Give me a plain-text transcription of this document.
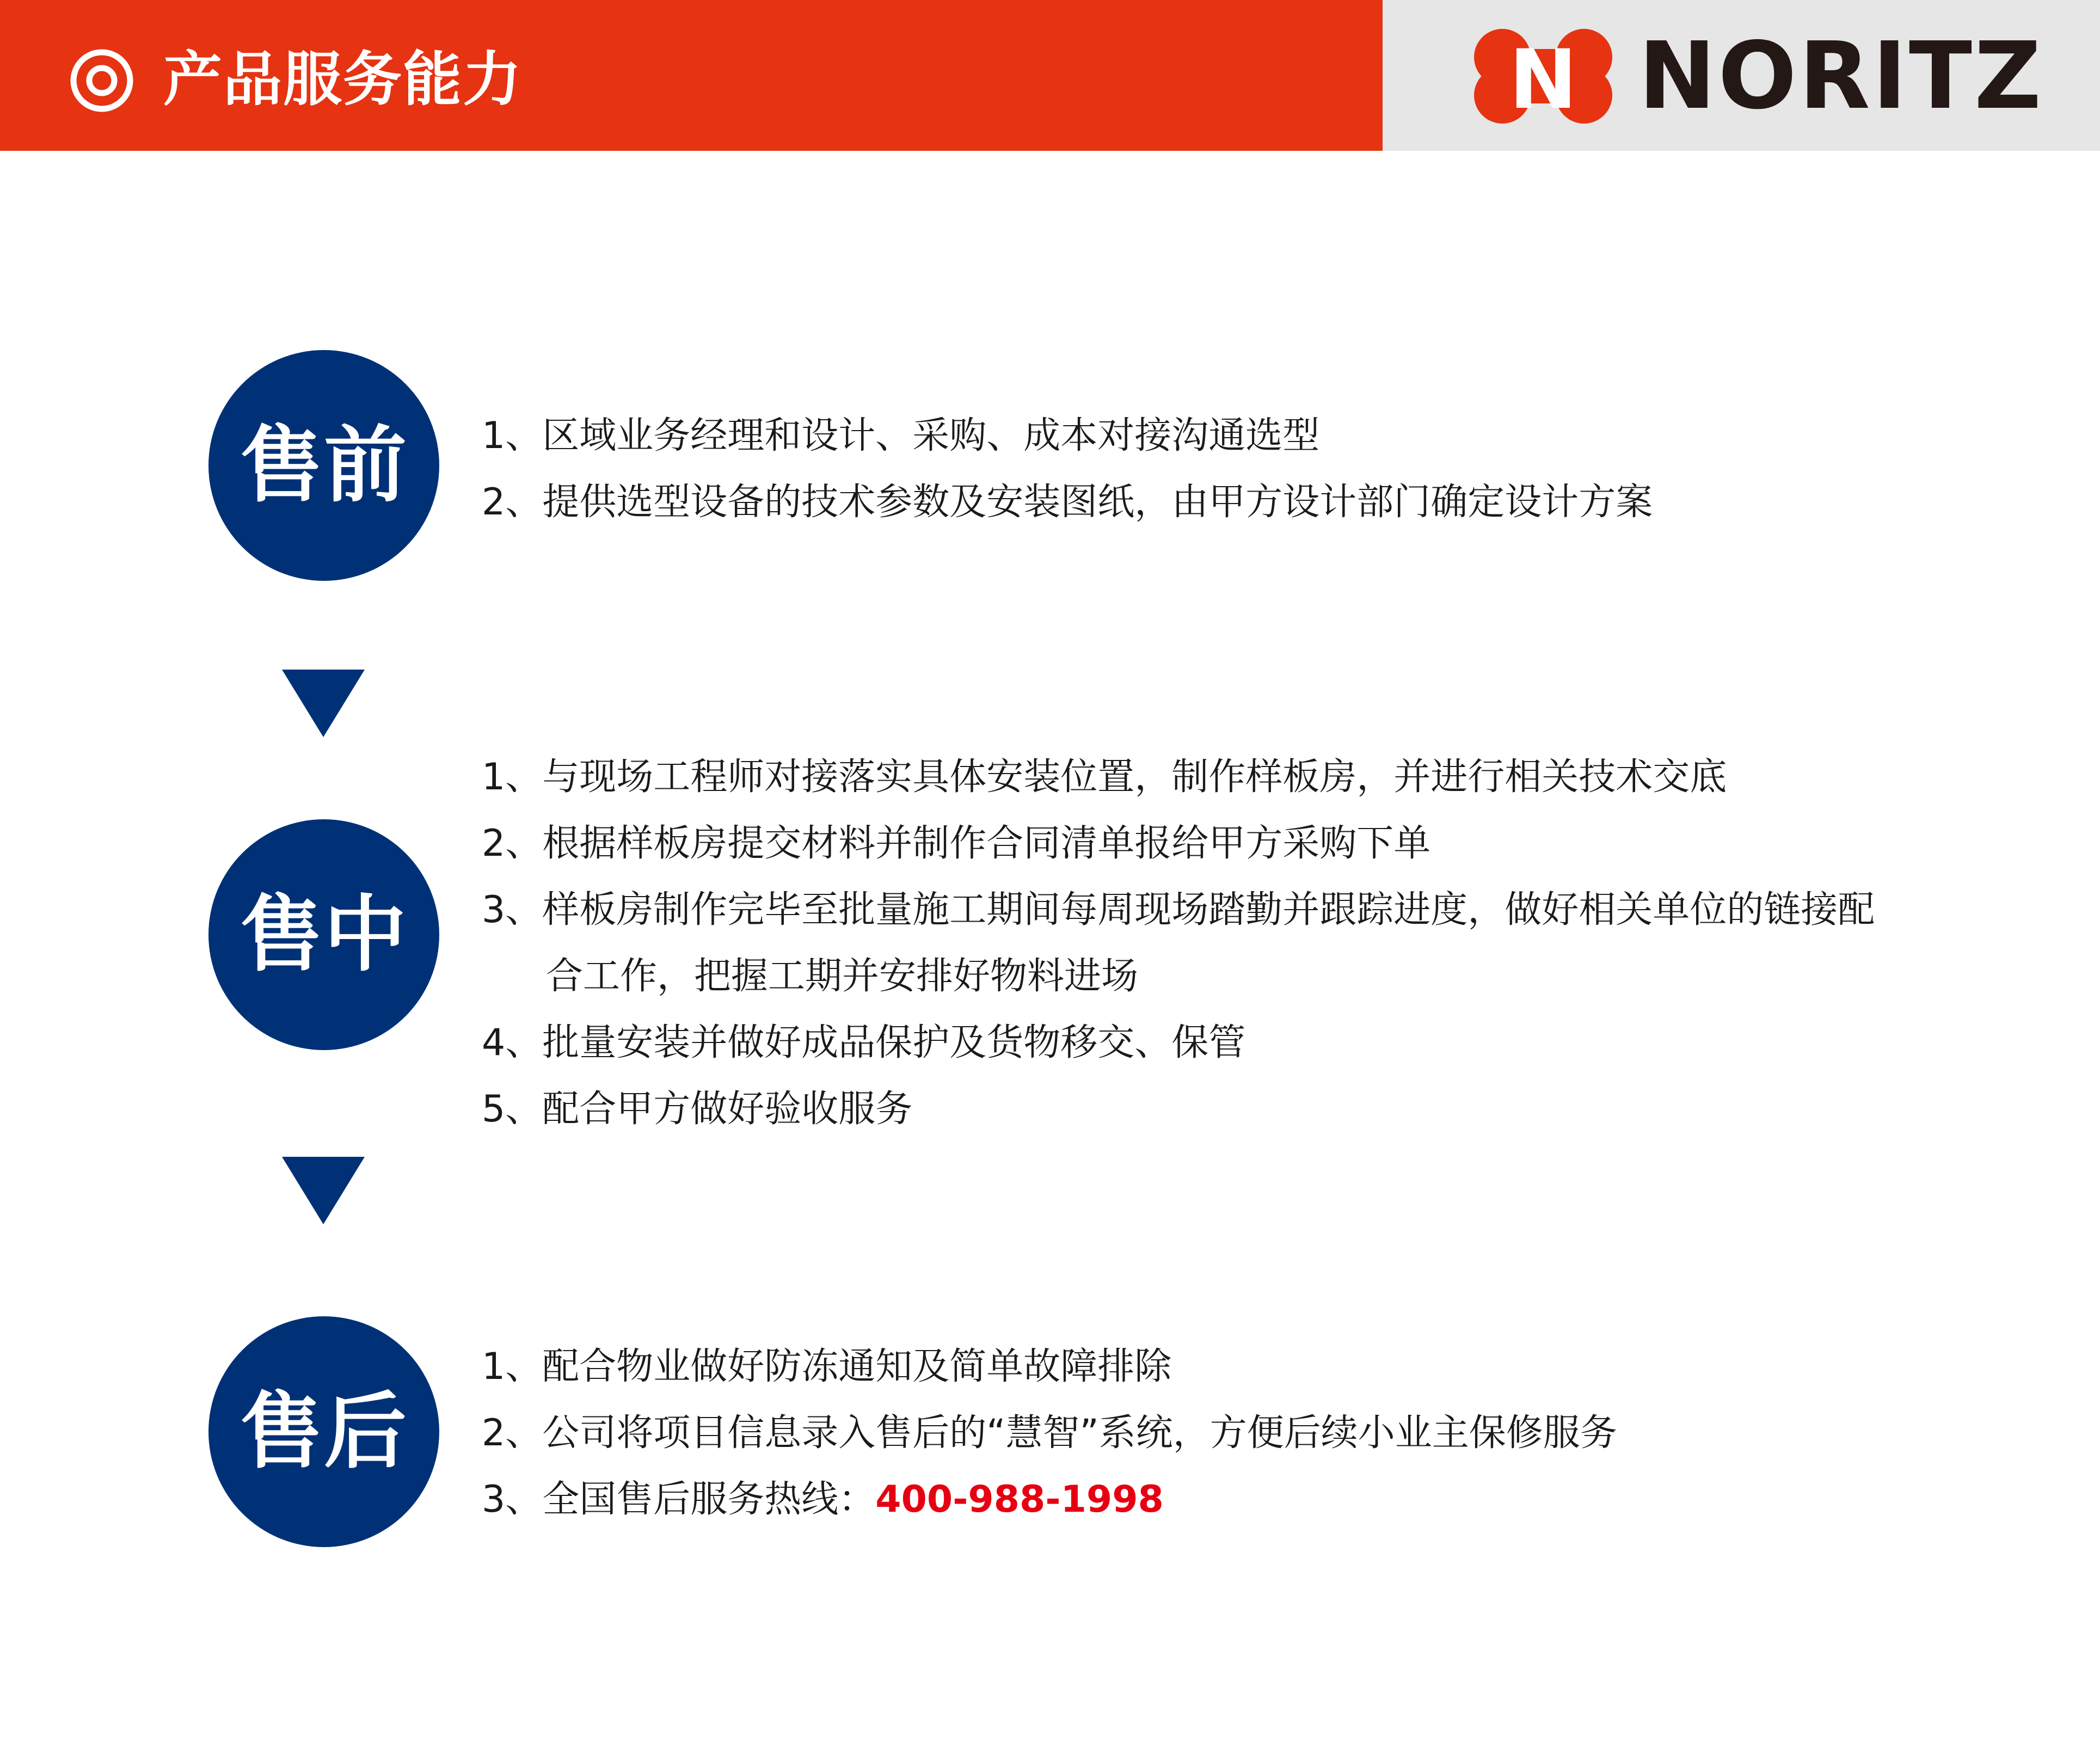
产品服务能力	N NORITZ
售前 1、区域业务经理和设计、采购、成本对接沟通选型
2、提供选型设备的技术参数及安装图纸，由甲方设计部门确定设计方案
售中
1、与现场工程师对接落实具体安装位置，制作样板房，并进行相关技术交底
2、根据样板房提交材料并制作合同清单报给甲方采购下单
3、样板房制作完毕至批量施工期间每周现场踏勤并跟踪进度，做好相关单位的链接配
合工作，把握工期并安排好物料进场
4、批量安装并做好成品保护及货物移交、保管
5、配合甲方做好验收服务
售后
1、配合物业做好防冻通知及简单故障排除
2、公司将项目信息录入售后的“慧智”系统，方便后续小业主保修服务
3、全国售后服务热线：400-988-1998
